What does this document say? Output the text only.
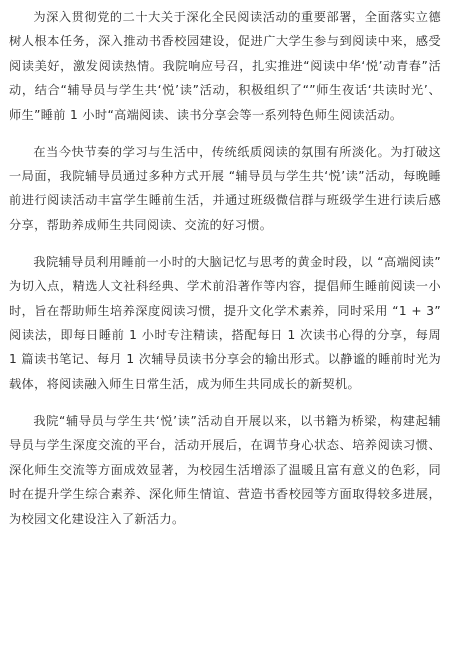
为深入贯彻党的二十大关于深化全民阅读活动的重要部署，全面落实立德树人根本任务，深入推动书香校园建设，促进广大学生参与到阅读中来，感受阅读美好，激发阅读热情。我院响应号召，扎实推进“阅读中华‘悦’动青春”活动，结合“辅导员与学生共‘悦’读”活动，积极组织了“”师生夜话‘共读时光’、师生”睡前 1 小时“高端阅读、读书分享会等一系列特色师生阅读活动。

在当今快节奏的学习与生活中，传统纸质阅读的氛围有所淡化。为打破这一局面，我院辅导员通过多种方式开展 “辅导员与学生共‘悦’读”活动，每晚睡前进行阅读活动丰富学生睡前生活，并通过班级微信群与班级学生进行读后感分享，帮助养成师生共同阅读、交流的好习惯。

我院辅导员利用睡前一小时的大脑记忆与思考的黄金时段，以 “高端阅读” 为切入点，精选人文社科经典、学术前沿著作等内容，提倡师生睡前阅读一小时，旨在帮助师生培养深度阅读习惯，提升文化学术素养，同时采用 “1 + 3” 阅读法，即每日睡前 1 小时专注精读，搭配每日 1 次读书心得的分享，每周 1 篇读书笔记、每月 1 次辅导员读书分享会的输出形式。以静谧的睡前时光为载体，将阅读融入师生日常生活，成为师生共同成长的新契机。

我院“辅导员与学生共‘悦’读”活动自开展以来，以书籍为桥梁，构建起辅导员与学生深度交流的平台，活动开展后，在调节身心状态、培养阅读习惯、深化师生交流等方面成效显著，为校园生活增添了温暖且富有意义的色彩，同时在提升学生综合素养、深化师生情谊、营造书香校园等方面取得较多进展，为校园文化建设注入了新活力。
